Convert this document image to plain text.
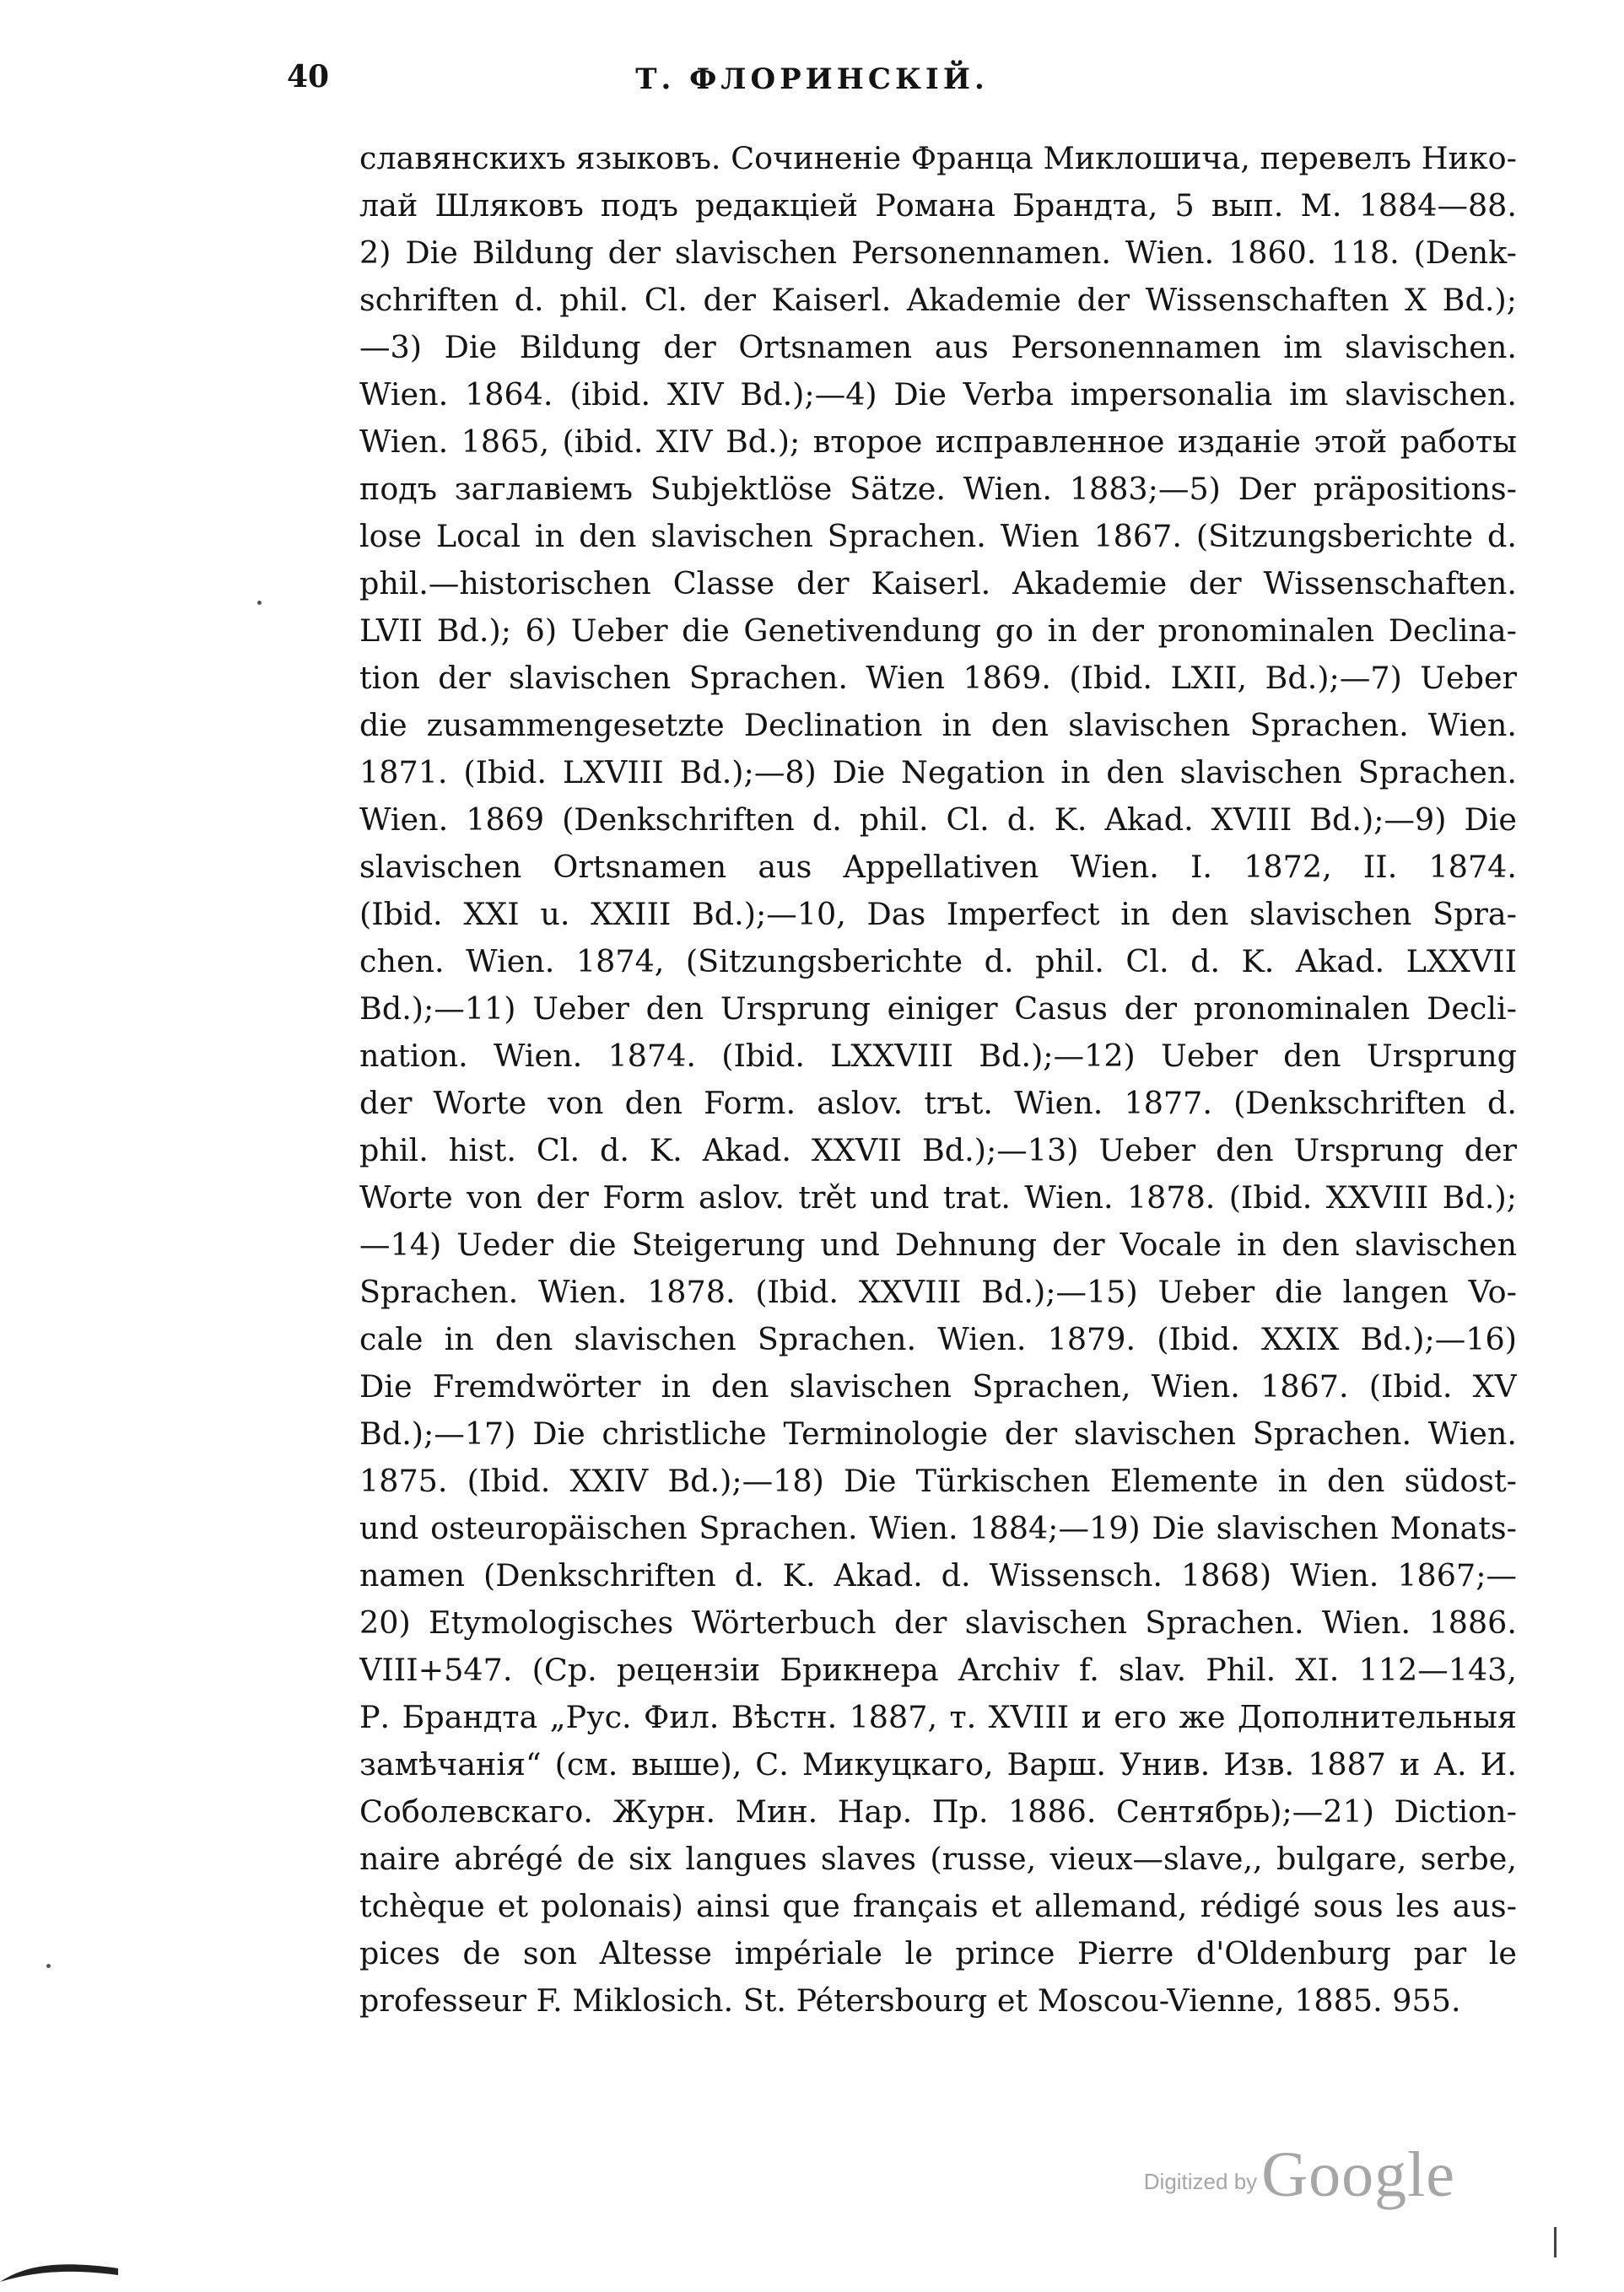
40	Т. ФЛОРИНСКІЙ.
славянскихъ языковъ. Сочиненіе Франца Миклошича, перевелъ Нико-
лай Шляковъ подъ редакціей Романа Брандта, 5 вып. М. 1884—88.
2) Die Bildung der slavischen Personennamen. Wien. 1860. 118. (Denk-
schriften d. phil. Cl. der Kaiserl. Akademie der Wissenschaften X Bd.);
—3) Die Bildung der Ortsnamen aus Personennamen im slavischen.
Wien. 1864. (ibid. XIV Bd.);—4) Die Verba impersonalia im slavischen.
Wien. 1865, (ibid. XIV Bd.); второе исправленное изданіе этой работы
подъ заглавіемъ Subjektlöse Sätze. Wien. 1883;—5) Der präpositions-
lose Local in den slavischen Sprachen. Wien 1867. (Sitzungsberichte d.
phil.—historischen Classe der Kaiserl. Akademie der Wissenschaften.
LVII Bd.); 6) Ueber die Genetivendung go in der pronominalen Declina-
tion der slavischen Sprachen. Wien 1869. (Ibid. LXII, Bd.);—7) Ueber
die zusammengesetzte Declination in den slavischen Sprachen. Wien.
1871. (Ibid. LXVIII Bd.);—8) Die Negation in den slavischen Sprachen.
Wien. 1869 (Denkschriften d. phil. Cl. d. K. Akad. XVIII Bd.);—9) Die
slavischen Ortsnamen aus Appellativen Wien. I. 1872, II. 1874.
(Ibid. XXI u. XXIII Bd.);—10, Das Imperfect in den slavischen Spra-
chen. Wien. 1874, (Sitzungsberichte d. phil. Cl. d. K. Akad. LXXVII
Bd.);—11) Ueber den Ursprung einiger Casus der pronominalen Decli-
nation. Wien. 1874. (Ibid. LXXVIII Bd.);—12) Ueber den Ursprung
der Worte von den Form. aslov. trъt. Wien. 1877. (Denkschriften d.
phil. hist. Cl. d. K. Akad. XXVII Bd.);—13) Ueber den Ursprung der
Worte von der Form aslov. trět und trat. Wien. 1878. (Ibid. XXVIII Bd.);
—14) Ueder die Steigerung und Dehnung der Vocale in den slavischen
Sprachen. Wien. 1878. (Ibid. XXVIII Bd.);—15) Ueber die langen Vo-
cale in den slavischen Sprachen. Wien. 1879. (Ibid. XXIX Bd.);—16)
Die Fremdwörter in den slavischen Sprachen, Wien. 1867. (Ibid. XV
Bd.);—17) Die christliche Terminologie der slavischen Sprachen. Wien.
1875. (Ibid. XXIV Bd.);—18) Die Türkischen Elemente in den südost-
und osteuropäischen Sprachen. Wien. 1884;—19) Die slavischen Monats-
namen (Denkschriften d. K. Akad. d. Wissensch. 1868) Wien. 1867;—
20) Etymologisches Wörterbuch der slavischen Sprachen. Wien. 1886.
VIII+547. (Ср. рецензіи Брикнера Archiv f. slav. Phil. XI. 112—143,
Р. Брандта „Рус. Фил. Вѣстн. 1887, т. XVIII и его же Дополнительныя
замѣчанія“ (см. выше), С. Микуцкаго, Варш. Унив. Изв. 1887 и А. И.
Соболевскаго. Журн. Мин. Нар. Пр. 1886. Сентябрь);—21) Diction-
naire abrégé de six langues slaves (russe, vieux—slave,, bulgare, serbe,
tchèque et polonais) ainsi que français et allemand, rédigé sous les aus-
pices de son Altesse impériale le prince Pierre d'Oldenburg par le
professeur F. Miklosich. St. Pétersbourg et Moscou-Vienne, 1885. 955.
Digitized by Google
